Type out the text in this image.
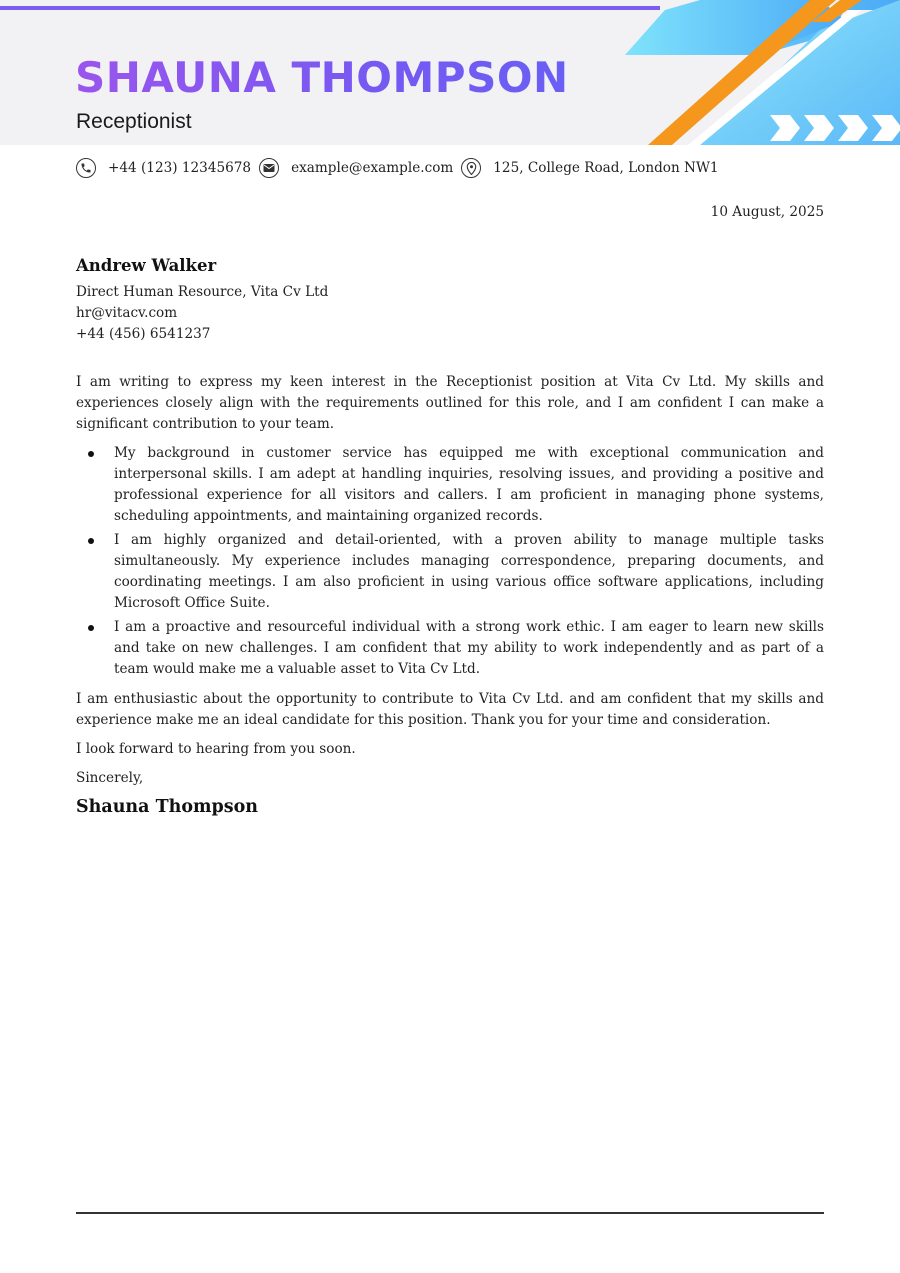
SHAUNA THOMPSON
Receptionist
+44 (123) 12345678	example@example.com	125, College Road, London NW1
10 August, 2025
Andrew Walker
Direct Human Resource, Vita Cv Ltd
hr@vitacv.com
+44 (456) 6541237

I am writing to express my keen interest in the Receptionist position at Vita Cv Ltd. My skills and experiences closely align with the requirements outlined for this role, and I am confident I can make a significant contribution to your team.

My background in customer service has equipped me with exceptional communication and interpersonal skills. I am adept at handling inquiries, resolving issues, and providing a positive and professional experience for all visitors and callers. I am proficient in managing phone systems, scheduling appointments, and maintaining organized records.
I am highly organized and detail-oriented, with a proven ability to manage multiple tasks simultaneously. My experience includes managing correspondence, preparing documents, and coordinating meetings. I am also proficient in using various office software applications, including Microsoft Office Suite.
I am a proactive and resourceful individual with a strong work ethic. I am eager to learn new skills and take on new challenges. I am confident that my ability to work independently and as part of a team would make me a valuable asset to Vita Cv Ltd.

I am enthusiastic about the opportunity to contribute to Vita Cv Ltd. and am confident that my skills and experience make me an ideal candidate for this position. Thank you for your time and consideration.

I look forward to hearing from you soon.

Sincerely,

Shauna Thompson
